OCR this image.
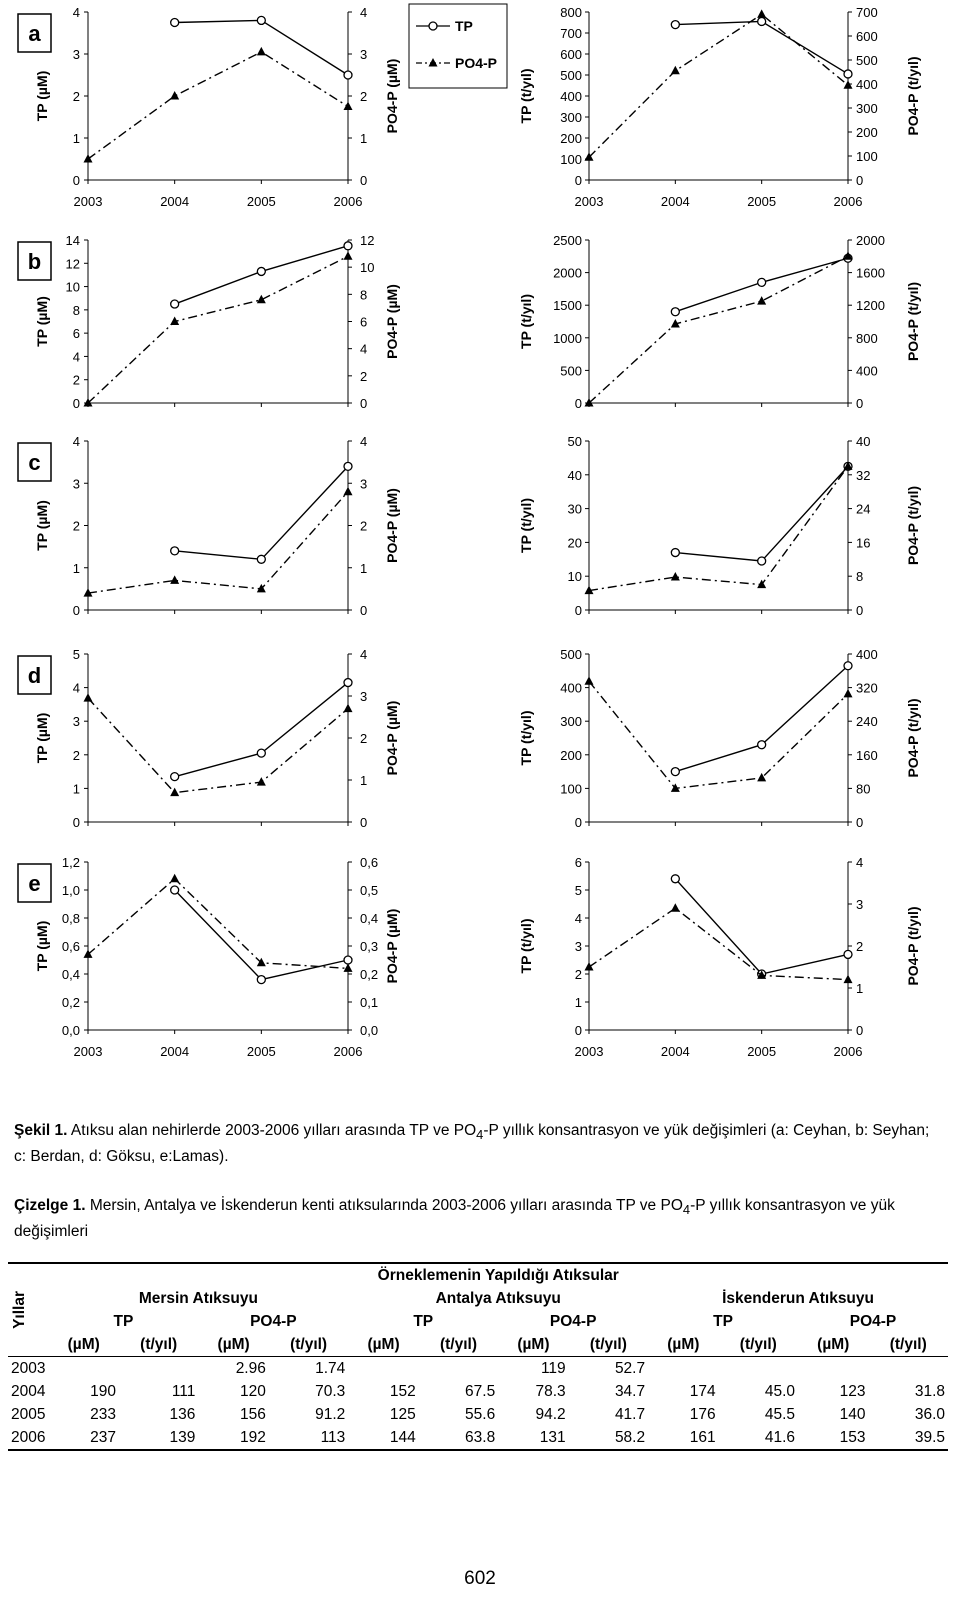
a
TP (µM)	PO4-P (µM)	TP (t/yıl)	PO4-P (t/yıl)
0
1
2
3
4
0
1
2
3
4
2003	2004	2005	2006
0
100
200
300
400
500
600
700
800
0
100
200
300
400
500
600
700
2003	2004	2005	2006
b
TP (µM)	PO4-P (µM)	TP (t/yıl)	PO4-P (t/yıl)
0
2
4
6
8
10
12
14
0
2
4
6
8
10
12
0
500
1000
1500
2000
2500
0
400
800
1200
1600
2000
c
TP (µM)	PO4-P (µM)	TP (t/yıl)	PO4-P (t/yıl)
0
1
2
3
4
0
1
2
3
4
0
10
20
30
40
50
0
8
16
24
32
40
d
TP (µM)	PO4-P (µM)	TP (t/yıl)	PO4-P (t/yıl)
0
1
2
3
4
5
0
1
2
3
4
0
100
200
300
400
500
0
80
160
240
320
400
e
TP (µM)	PO4-P (µM)	TP (t/yıl)	PO4-P (t/yıl)
0,0
0,2
0,4
0,6
0,8
1,0
1,2
0,0
0,1
0,2
0,3
0,4
0,5
0,6
2003	2004	2005	2006
0
1
2
3
4
5
6
0
1
2
3
4
2003	2004	2005	2006
TP
PO4-P
Şekil 1. Atıksu alan nehirlerde 2003-2006 yılları arasında TP ve $PO_4-P$ yıllık konsantrasyon ve yük değişimleri (a: Ceyhan, b: Seyhan; c: Berdan, d: Göksu, e:Lamas).
Çizelge 1. Mersin, Antalya ve İskenderun kenti atıksularında 2003-2006 yılları arasında TP ve $PO_4-P$ yıllık konsantrasyon ve yük değişimleri
Yıllar	Örneklemenin Yapıldığı Atıksular											
	Mersin Atıksuyu				Antalya Atıksuyu				İskenderun Atıksuyu			
	TP		PO4-P		TP		PO4-P		TP		PO4-P	
	(µM)	(t/yıl)	(µM)	(t/yıl)	(µM)	(t/yıl)	(µM)	(t/yıl)	(µM)	(t/yıl)	(µM)	(t/yıl)
2003			2.96	1.74			119	52.7				
2004	190	111	120	70.3	152	67.5	78.3	34.7	174	45.0	123	31.8
2005	233	136	156	91.2	125	55.6	94.2	41.7	176	45.5	140	36.0
2006	237	139	192	113	144	63.8	131	58.2	161	41.6	153	39.5
602
